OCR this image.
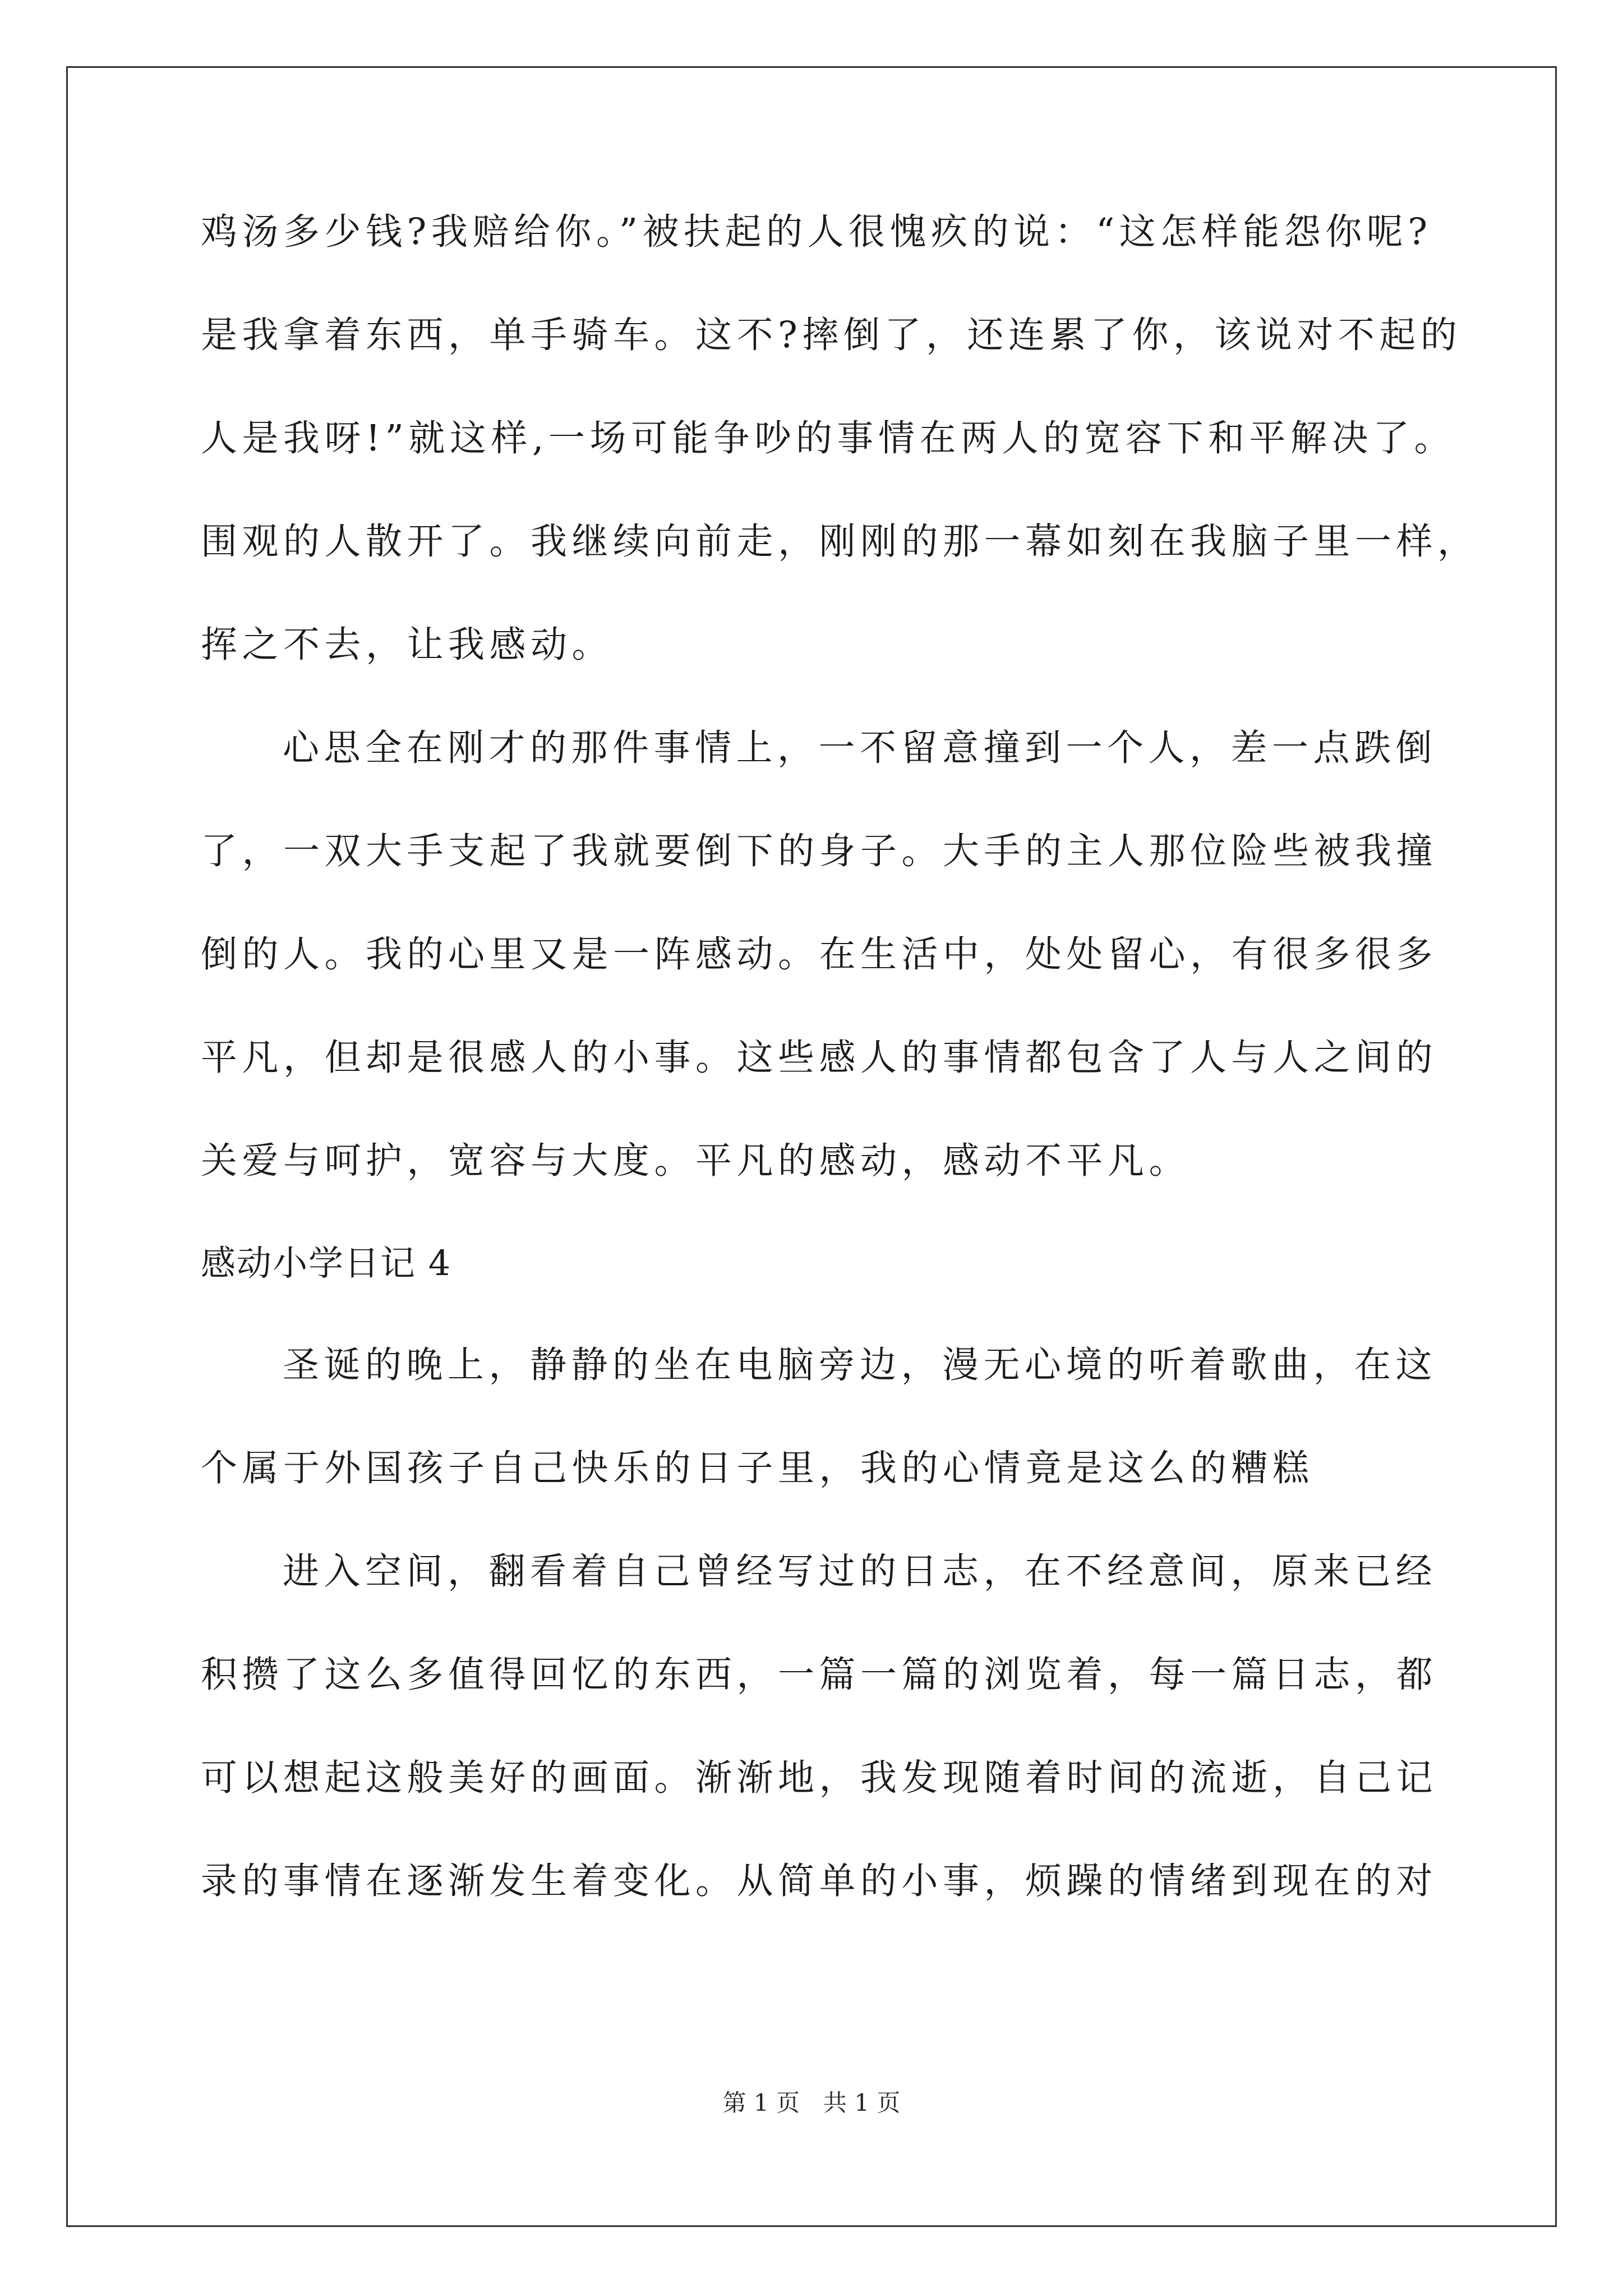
鸡汤多少钱?我赔给你。”被扶起的人很愧疚的说：“这怎样能怨你呢?
是我拿着东西，单手骑车。这不?摔倒了，还连累了你，该说对不起的
人是我呀!”就这样,一场可能争吵的事情在两人的宽容下和平解决了。
围观的人散开了。我继续向前走，刚刚的那一幕如刻在我脑子里一样，
挥之不去，让我感动。
心思全在刚才的那件事情上，一不留意撞到一个人，差一点跌倒
了，一双大手支起了我就要倒下的身子。大手的主人那位险些被我撞
倒的人。我的心里又是一阵感动。在生活中，处处留心，有很多很多
平凡，但却是很感人的小事。这些感人的事情都包含了人与人之间的
关爱与呵护，宽容与大度。平凡的感动，感动不平凡。
感动小学日记 4
圣诞的晚上，静静的坐在电脑旁边，漫无心境的听着歌曲，在这
个属于外国孩子自己快乐的日子里，我的心情竟是这么的糟糕
进入空间，翻看着自己曾经写过的日志，在不经意间，原来已经
积攒了这么多值得回忆的东西，一篇一篇的浏览着，每一篇日志，都
可以想起这般美好的画面。渐渐地，我发现随着时间的流逝，自己记
录的事情在逐渐发生着变化。从简单的小事，烦躁的情绪到现在的对
第 1 页　共 1 页
